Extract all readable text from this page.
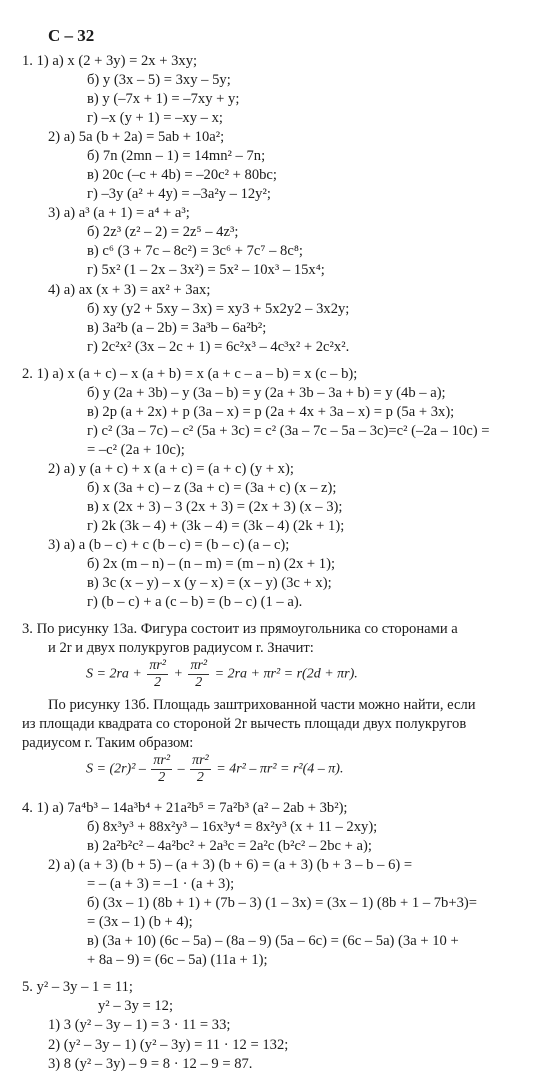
С – 32
1. 1) а) x (2 + 3y) = 2x + 3xy;
б) y (3x – 5) = 3xy – 5y;
в) y (–7x + 1) = –7xy + y;
г) –x (y + 1) = –xy – x;
2) а) 5a (b + 2a) = 5ab + 10a²;
б) 7n (2mn – 1) = 14mn² – 7n;
в) 20c (–c + 4b) = –20c² + 80bc;
г) –3y (a² + 4y) = –3a²y – 12y²;
3) а) a³ (a + 1) = a⁴ + a³;
б) 2z³ (z² – 2) = 2z⁵ – 4z³;
в) c⁶ (3 + 7c – 8c²) = 3c⁶ + 7c⁷ – 8c⁸;
г) 5x² (1 – 2x – 3x²) = 5x² – 10x³ – 15x⁴;
4) а) ax (x + 3) = ax² + 3ax;
б) xy (y2 + 5xy – 3x) = xy3 + 5x2y2 – 3x2y;
в) 3a²b (a – 2b) = 3a³b – 6a²b²;
г) 2c²x² (3x – 2c + 1) = 6c²x³ – 4c³x² + 2c²x².
2. 1) а) x (a + c) – x (a + b) = x (a + c – a – b) = x (c – b);
б) y (2a + 3b) – y (3a – b) = y (2a + 3b – 3a + b) = y (4b – a);
в) 2p (a + 2x) + p (3a – x) = p (2a + 4x + 3a – x) = p (5a + 3x);
г) c² (3a – 7c) – c² (5a + 3c) = c² (3a – 7c – 5a – 3c)=c² (–2a – 10c) =
= –c² (2a + 10c);
2) а) y (a + c) + x (a + c) = (a + c) (y + x);
б) x (3a + c) – z (3a + c) = (3a + c) (x – z);
в) x (2x + 3) – 3 (2x + 3) = (2x + 3) (x – 3);
г) 2k (3k – 4) + (3k – 4) = (3k – 4) (2k + 1);
3) а) a (b – c) + c (b – c) = (b – c) (a – c);
б) 2x (m – n) – (n – m) = (m – n) (2x + 1);
в) 3c (x – y) – x (y – x) = (x – y) (3c + x);
г) (b – c) + a (c – b) = (b – c) (1 – a).
3. По рисунку 13а. Фигура состоит из прямоугольника со сторонами a
и 2r и двух полукругов радиусом r. Значит:
$S = 2ra + \frac{\text{πr²}}{2} + \frac{\text{πr²}}{2} = 2ra + \pi r^2 = r(2d + \pi r)$.
По рисунку 13б. Площадь заштрихованной части можно найти, если
из площади квадрата со стороной 2r вычесть площади двух полукругов
радиусом r. Таким образом:
$S = (2r)^2 - \frac{\text{πr²}}{2} - \frac{\text{πr²}}{2} = 4r^2 - \pi r^2 = r^2(4 - \pi)$.
4. 1) а) 7a⁴b³ – 14a³b⁴ + 21a²b⁵ = 7a²b³ (a² – 2ab + 3b²);
б) 8x³y³ + 88x²y³ – 16x³y⁴ = 8x²y³ (x + 11 – 2xy);
в) 2a²b²c² – 4a²bc² + 2a³c = 2a²c (b²c² – 2bc + a);
2) а) (a + 3) (b + 5) – (a + 3) (b + 6) = (a + 3) (b + 3 – b – 6) =
= – (a + 3) = –1 · (a + 3);
б) (3x – 1) (8b + 1) + (7b – 3) (1 – 3x) = (3x – 1) (8b + 1 – 7b+3)=
= (3x – 1) (b + 4);
в) (3a + 10) (6c – 5a) – (8a – 9) (5a – 6c) = (6c – 5a) (3a + 10 +
+ 8a – 9) = (6c – 5a) (11a + 1);
5. y² – 3y – 1 = 11;
y² – 3y = 12;
1) 3 (y² – 3y – 1) = 3 · 11 = 33;
2) (y² – 3y – 1) (y² – 3y) = 11 · 12 = 132;
3) 8 (y² – 3y) – 9 = 8 · 12 – 9 = 87.
